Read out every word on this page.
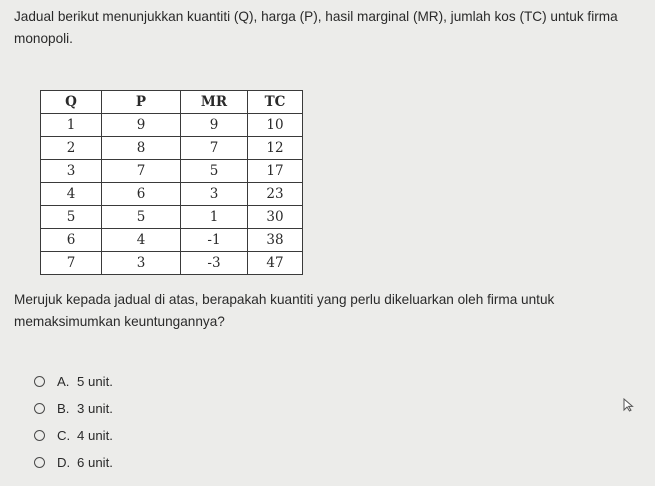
Jadual berikut menunjukkan kuantiti (Q), harga (P), hasil marginal (MR), jumlah kos (TC) untuk firma monopoli.
Q	P	MR	TC
1	9	9	10
2	8	7	12
3	7	5	17
4	6	3	23
5	5	1	30
6	4	-1	38
7	3	-3	47
Merujuk kepada jadual di atas, berapakah kuantiti yang perlu dikeluarkan oleh firma untuk memaksimumkan keuntungannya?
A. 5 unit.
B. 3 unit.
C. 4 unit.
D. 6 unit.
